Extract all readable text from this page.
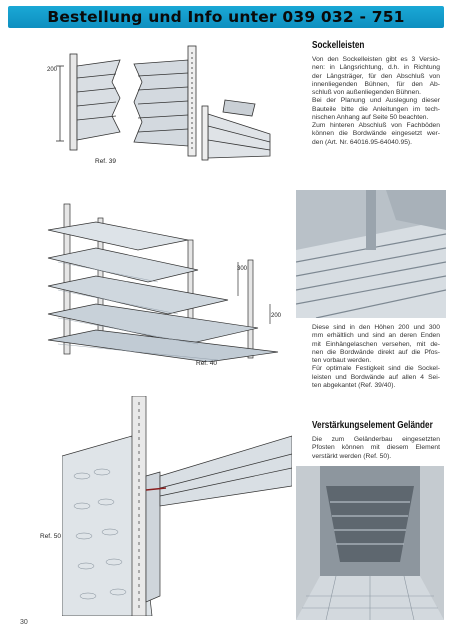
Bestellung und Info unter 039 032 - 751
200
Ref. 39
Sockelleisten
Von den Sockelleisten gibt es 3 Versio-
nen: in Längsrichtung, d.h. in Richtung
der Längsträger, für den Abschluß von
innenliegenden Bühnen, für den Ab-
schluß von außenliegenden Bühnen.
Bei der Planung und Auslegung dieser
Bauteile bitte die Anleitungen im tech-
nischen Anhang auf Seite 50 beachten.
Zum hinteren Abschluß von Fachböden
können die Bordwände eingesetzt wer-
den (Art. Nr. 64016.95-64040.95).
300
200
Ref. 40
Diese sind in den Höhen 200 und 300
mm erhältlich und sind an deren Enden
mit Einhängelaschen versehen, mit de-
nen die Bordwände direkt auf die Pfos-
ten vorbaut werden.
Für optimale Festigkeit sind die Sockel-
leisten und Bordwände auf allen 4 Sei-
ten abgekantet (Ref. 39/40).
Verstärkungselement Geländer
Die zum Geländerbau eingesetzten
Pfosten können mit diesem Element
verstärkt werden (Ref. 50).
Ref. 50
30
